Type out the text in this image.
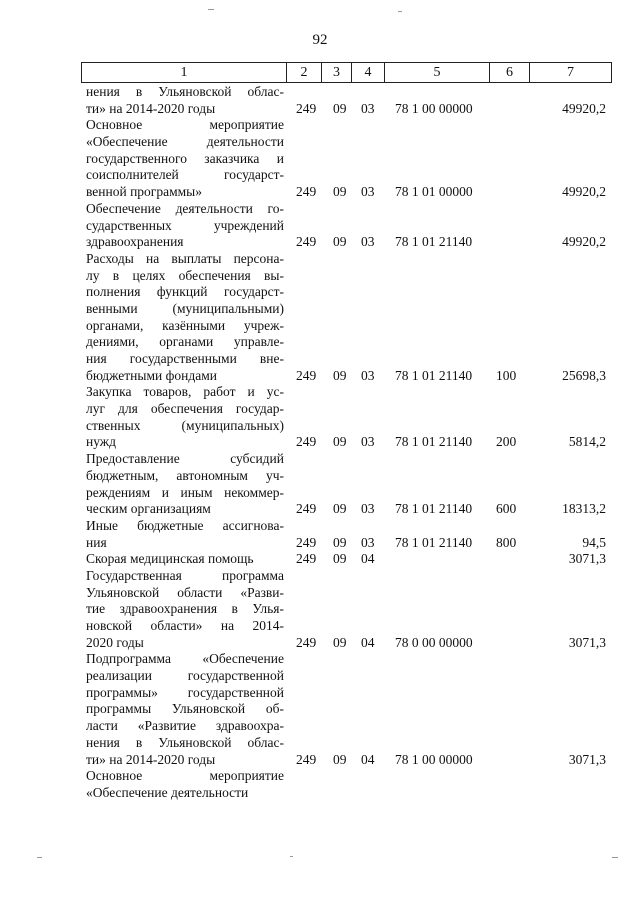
92
1	2	3	4	5	6	7
нения в Ульяновской облас-
ти» на 2014-2020 годы	249 09 03 78 1 00 00000	49920,2
Основное мероприятие
«Обеспечение деятельности
государственного заказчика и
соисполнителей государст-
венной программы»	249 09 03 78 1 01 00000	49920,2
Обеспечение деятельности го-
сударственных учреждений
здравоохранения	249 09 03 78 1 01 21140	49920,2
Расходы на выплаты персона-
лу в целях обеспечения вы-
полнения функций государст-
венными (муниципальными)
органами, казёнными учреж-
дениями, органами управле-
ния государственными вне-
бюджетными фондами	249 09 03 78 1 01 21140 100	25698,3
Закупка товаров, работ и ус-
луг для обеспечения государ-
ственных (муниципальных)
нужд	249 09 03 78 1 01 21140 200	5814,2
Предоставление субсидий
бюджетным, автономным уч-
реждениям и иным некоммер-
ческим организациям	249 09 03 78 1 01 21140 600	18313,2
Иные бюджетные ассигнова-
ния	249 09 03 78 1 01 21140 800	94,5
Скорая медицинская помощь	249 09 04	3071,3
Государственная программа
Ульяновской области «Разви-
тие здравоохранения в Улья-
новской области» на 2014-
2020 годы	249 09 04 78 0 00 00000	3071,3
Подпрограмма «Обеспечение
реализации государственной
программы» государственной
программы Ульяновской об-
ласти «Развитие здравоохра-
нения в Ульяновской облас-
ти» на 2014-2020 годы	249 09 04 78 1 00 00000	3071,3
Основное мероприятие
«Обеспечение деятельности
